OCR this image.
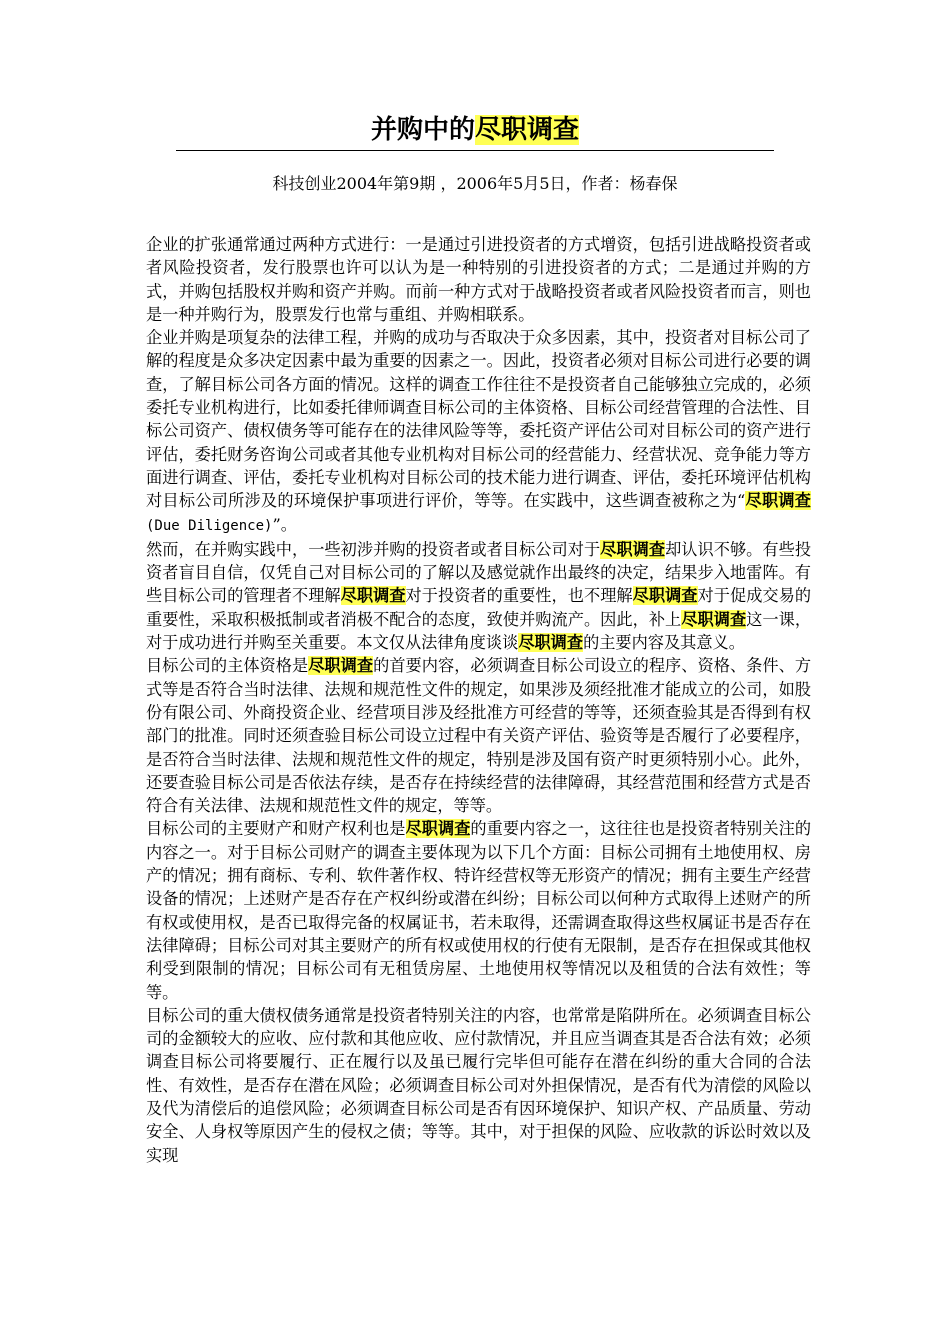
并购中的尽职调查
科技创业2004年第9期 ，2006年5月5日，作者：杨春保

企业的扩张通常通过两种方式进行：一是通过引进投资者的方式增资，包括引进战略投资者或者风险投资者，发行股票也许可以认为是一种特别的引进投资者的方式；二是通过并购的方式，并购包括股权并购和资产并购。而前一种方式对于战略投资者或者风险投资者而言，则也是一种并购行为，股票发行也常与重组、并购相联系。

企业并购是项复杂的法律工程，并购的成功与否取决于众多因素，其中，投资者对目标公司了解的程度是众多决定因素中最为重要的因素之一。因此，投资者必须对目标公司进行必要的调查，了解目标公司各方面的情况。这样的调查工作往往不是投资者自己能够独立完成的，必须委托专业机构进行，比如委托律师调查目标公司的主体资格、目标公司经营管理的合法性、目标公司资产、债权债务等可能存在的法律风险等等，委托资产评估公司对目标公司的资产进行评估，委托财务咨询公司或者其他专业机构对目标公司的经营能力、经营状况、竞争能力等方面进行调查、评估，委托专业机构对目标公司的技术能力进行调查、评估，委托环境评估机构对目标公司所涉及的环境保护事项进行评价，等等。在实践中，这些调查被称之为“尽职调查(Due Diligence)”。

然而，在并购实践中，一些初涉并购的投资者或者目标公司对于尽职调查却认识不够。有些投资者盲目自信，仅凭自己对目标公司的了解以及感觉就作出最终的决定，结果步入地雷阵。有些目标公司的管理者不理解尽职调查对于投资者的重要性，也不理解尽职调查对于促成交易的重要性，采取积极抵制或者消极不配合的态度，致使并购流产。因此，补上尽职调查这一课，对于成功进行并购至关重要。本文仅从法律角度谈谈尽职调查的主要内容及其意义。

目标公司的主体资格是尽职调查的首要内容，必须调查目标公司设立的程序、资格、条件、方式等是否符合当时法律、法规和规范性文件的规定，如果涉及须经批准才能成立的公司，如股份有限公司、外商投资企业、经营项目涉及经批准方可经营的等等，还须查验其是否得到有权部门的批准。同时还须查验目标公司设立过程中有关资产评估、验资等是否履行了必要程序，是否符合当时法律、法规和规范性文件的规定，特别是涉及国有资产时更须特别小心。此外，还要查验目标公司是否依法存续，是否存在持续经营的法律障碍，其经营范围和经营方式是否符合有关法律、法规和规范性文件的规定，等等。

目标公司的主要财产和财产权利也是尽职调查的重要内容之一，这往往也是投资者特别关注的内容之一。对于目标公司财产的调查主要体现为以下几个方面：目标公司拥有土地使用权、房产的情况；拥有商标、专利、软件著作权、特许经营权等无形资产的情况；拥有主要生产经营设备的情况；上述财产是否存在产权纠纷或潜在纠纷；目标公司以何种方式取得上述财产的所有权或使用权，是否已取得完备的权属证书，若未取得，还需调查取得这些权属证书是否存在法律障碍；目标公司对其主要财产的所有权或使用权的行使有无限制，是否存在担保或其他权利受到限制的情况；目标公司有无租赁房屋、土地使用权等情况以及租赁的合法有效性；等等。

目标公司的重大债权债务通常是投资者特别关注的内容，也常常是陷阱所在。必须调查目标公司的金额较大的应收、应付款和其他应收、应付款情况，并且应当调查其是否合法有效；必须调查目标公司将要履行、正在履行以及虽已履行完毕但可能存在潜在纠纷的重大合同的合法性、有效性，是否存在潜在风险；必须调查目标公司对外担保情况，是否有代为清偿的风险以及代为清偿后的追偿风险；必须调查目标公司是否有因环境保护、知识产权、产品质量、劳动安全、人身权等原因产生的侵权之债；等等。其中，对于担保的风险、应收款的诉讼时效以及实现
